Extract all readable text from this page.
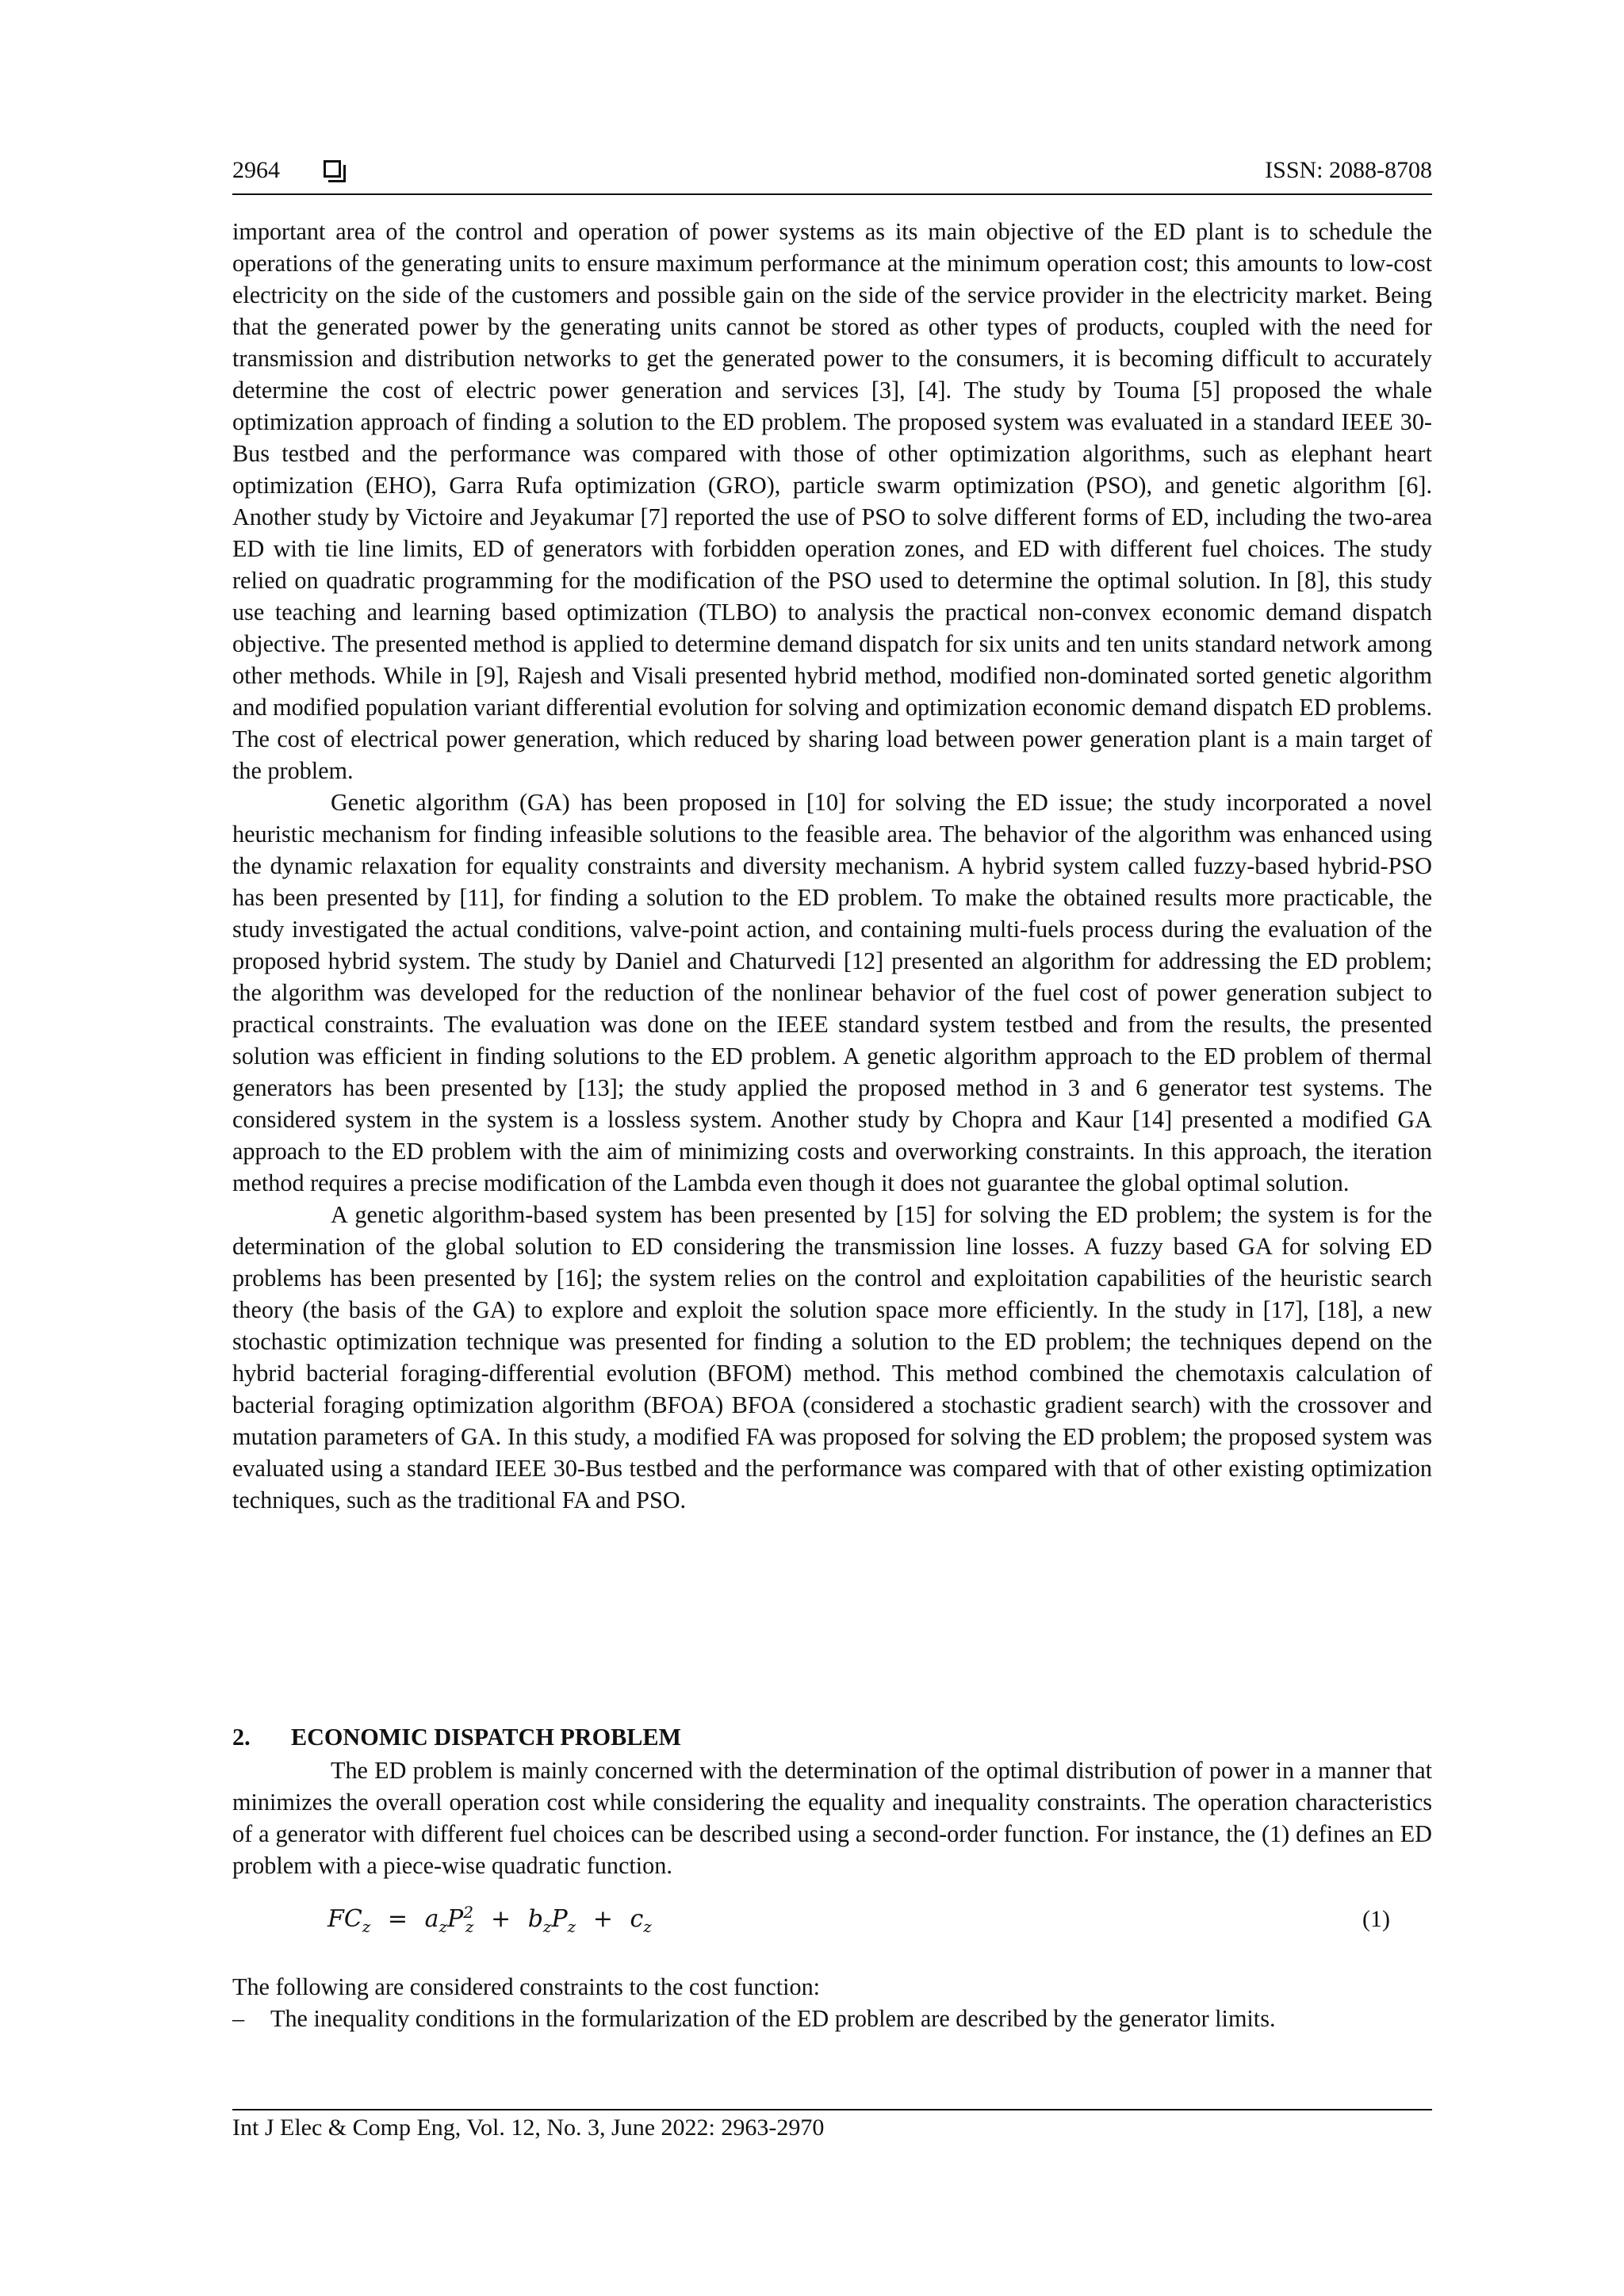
2964	ISSN: 2088-8708

important area of the control and operation of power systems as its main objective of the ED plant is to schedule the operations of the generating units to ensure maximum performance at the minimum operation cost; this amounts to low-cost electricity on the side of the customers and possible gain on the side of the service provider in the electricity market. Being that the generated power by the generating units cannot be stored as other types of products, coupled with the need for transmission and distribution networks to get the generated power to the consumers, it is becoming difficult to accurately determine the cost of electric power generation and services [3], [4]. The study by Touma [5] proposed the whale optimization approach of finding a solution to the ED problem. The proposed system was evaluated in a standard IEEE 30-Bus testbed and the performance was compared with those of other optimization algorithms, such as elephant heart optimization (EHO), Garra Rufa optimization (GRO), particle swarm optimization (PSO), and genetic algorithm [6]. Another study by Victoire and Jeyakumar [7] reported the use of PSO to solve different forms of ED, including the two-area ED with tie line limits, ED of generators with forbidden operation zones, and ED with different fuel choices. The study relied on quadratic programming for the modification of the PSO used to determine the optimal solution. In [8], this study use teaching and learning based optimization (TLBO) to analysis the practical non-convex economic demand dispatch objective. The presented method is applied to determine demand dispatch for six units and ten units standard network among other methods. While in [9], Rajesh and Visali presented hybrid method, modified non-dominated sorted genetic algorithm and modified population variant differential evolution for solving and optimization economic demand dispatch ED problems. The cost of electrical power generation, which reduced by sharing load between power generation plant is a main target of the problem.

Genetic algorithm (GA) has been proposed in [10] for solving the ED issue; the study incorporated a novel heuristic mechanism for finding infeasible solutions to the feasible area. The behavior of the algorithm was enhanced using the dynamic relaxation for equality constraints and diversity mechanism. A hybrid system called fuzzy-based hybrid-PSO has been presented by [11], for finding a solution to the ED problem. To make the obtained results more practicable, the study investigated the actual conditions, valve-point action, and containing multi-fuels process during the evaluation of the proposed hybrid system. The study by Daniel and Chaturvedi [12] presented an algorithm for addressing the ED problem; the algorithm was developed for the reduction of the nonlinear behavior of the fuel cost of power generation subject to practical constraints. The evaluation was done on the IEEE standard system testbed and from the results, the presented solution was efficient in finding solutions to the ED problem. A genetic algorithm approach to the ED problem of thermal generators has been presented by [13]; the study applied the proposed method in 3 and 6 generator test systems. The considered system in the system is a lossless system. Another study by Chopra and Kaur [14] presented a modified GA approach to the ED problem with the aim of minimizing costs and overworking constraints. In this approach, the iteration method requires a precise modification of the Lambda even though it does not guarantee the global optimal solution.

A genetic algorithm-based system has been presented by [15] for solving the ED problem; the system is for the determination of the global solution to ED considering the transmission line losses. A fuzzy based GA for solving ED problems has been presented by [16]; the system relies on the control and exploitation capabilities of the heuristic search theory (the basis of the GA) to explore and exploit the solution space more efficiently. In the study in [17], [18], a new stochastic optimization technique was presented for finding a solution to the ED problem; the techniques depend on the hybrid bacterial foraging-differential evolution (BFOM) method. This method combined the chemotaxis calculation of bacterial foraging optimization algorithm (BFOA) BFOA (considered a stochastic gradient search) with the crossover and mutation parameters of GA. In this study, a modified FA was proposed for solving the ED problem; the proposed system was evaluated using a standard IEEE 30-Bus testbed and the performance was compared with that of other existing optimization techniques, such as the traditional FA and PSO.

2. ECONOMIC DISPATCH PROBLEM

The ED problem is mainly concerned with the determination of the optimal distribution of power in a manner that minimizes the overall operation cost while considering the equality and inequality constraints. The operation characteristics of a generator with different fuel choices can be described using a second-order function. For instance, the (1) defines an ED problem with a piece-wise quadratic function.

$FC_z = a_zP^2_z + b_zP_z + c_z$	(1)

The following are considered constraints to the cost function:

– The inequality conditions in the formularization of the ED problem are described by the generator limits.
Int J Elec & Comp Eng, Vol. 12, No. 3, June 2022: 2963-2970
